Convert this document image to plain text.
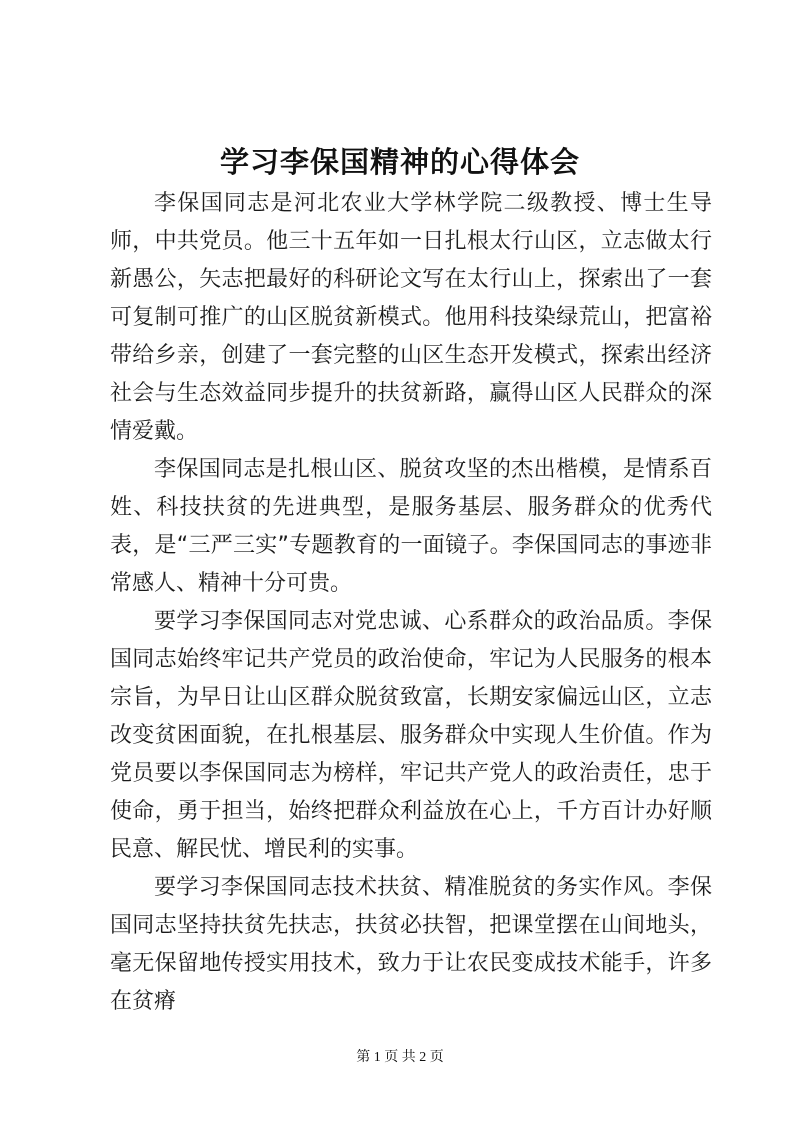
学习李保国精神的心得体会

李保国同志是河北农业大学林学院二级教授、博士生导师，中共党员。他三十五年如一日扎根太行山区，立志做太行新愚公，矢志把最好的科研论文写在太行山上，探索出了一套可复制可推广的山区脱贫新模式。他用科技染绿荒山，把富裕带给乡亲，创建了一套完整的山区生态开发模式，探索出经济社会与生态效益同步提升的扶贫新路，赢得山区人民群众的深情爱戴。

李保国同志是扎根山区、脱贫攻坚的杰出楷模，是情系百姓、科技扶贫的先进典型，是服务基层、服务群众的优秀代表，是“三严三实”专题教育的一面镜子。李保国同志的事迹非常感人、精神十分可贵。

要学习李保国同志对党忠诚、心系群众的政治品质。李保国同志始终牢记共产党员的政治使命，牢记为人民服务的根本宗旨，为早日让山区群众脱贫致富，长期安家偏远山区，立志改变贫困面貌，在扎根基层、服务群众中实现人生价值。作为党员要以李保国同志为榜样，牢记共产党人的政治责任，忠于使命，勇于担当，始终把群众利益放在心上，千方百计办好顺民意、解民忧、增民利的实事。

要学习李保国同志技术扶贫、精准脱贫的务实作风。李保国同志坚持扶贫先扶志，扶贫必扶智，把课堂摆在山间地头，毫无保留地传授实用技术，致力于让农民变成技术能手，许多在贫瘠

第 1 页 共 2 页
